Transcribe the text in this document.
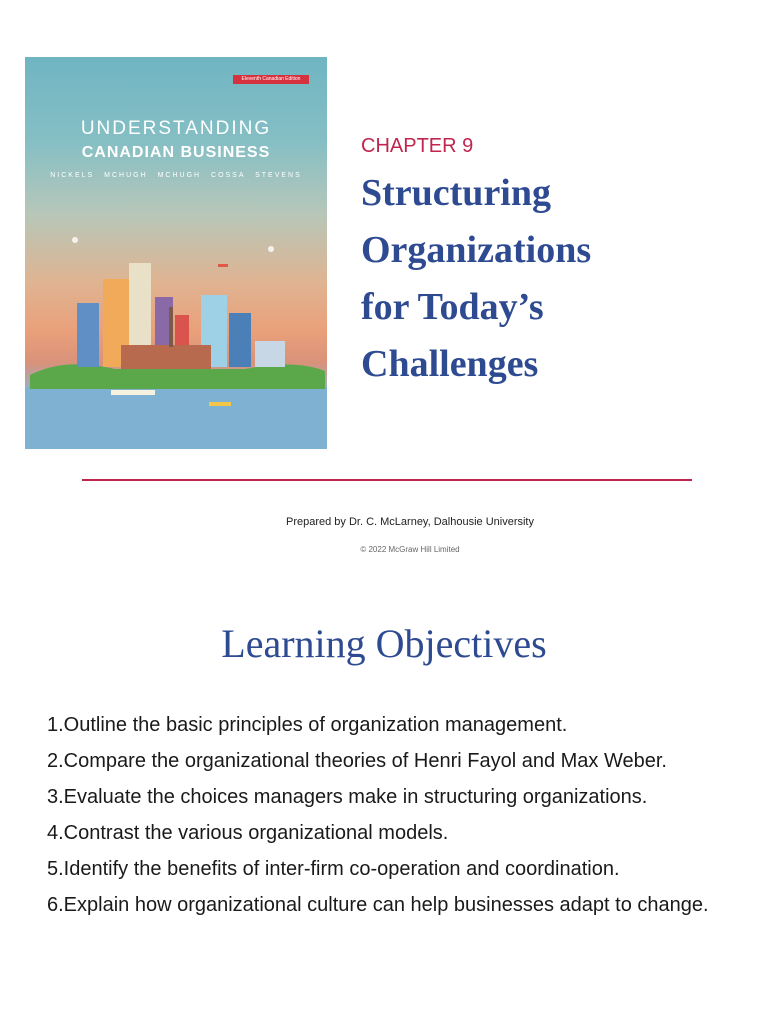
Eleventh Canadian Edition
UNDERSTANDING
CANADIAN BUSINESS
NICKELS MCHUGH MCHUGH COSSA STEVENS
CHAPTER 9
Structuring
Organizations
for Today’s
Challenges
Prepared by Dr. C. McLarney, Dalhousie University
© 2022 McGraw Hill Limited
Learning Objectives
1.Outline the basic principles of organization management.
2.Compare the organizational theories of Henri Fayol and Max Weber.
3.Evaluate the choices managers make in structuring organizations.
4.Contrast the various organizational models.
5.Identify the benefits of inter-firm co-operation and coordination.
6.Explain how organizational culture can help businesses adapt to change.
